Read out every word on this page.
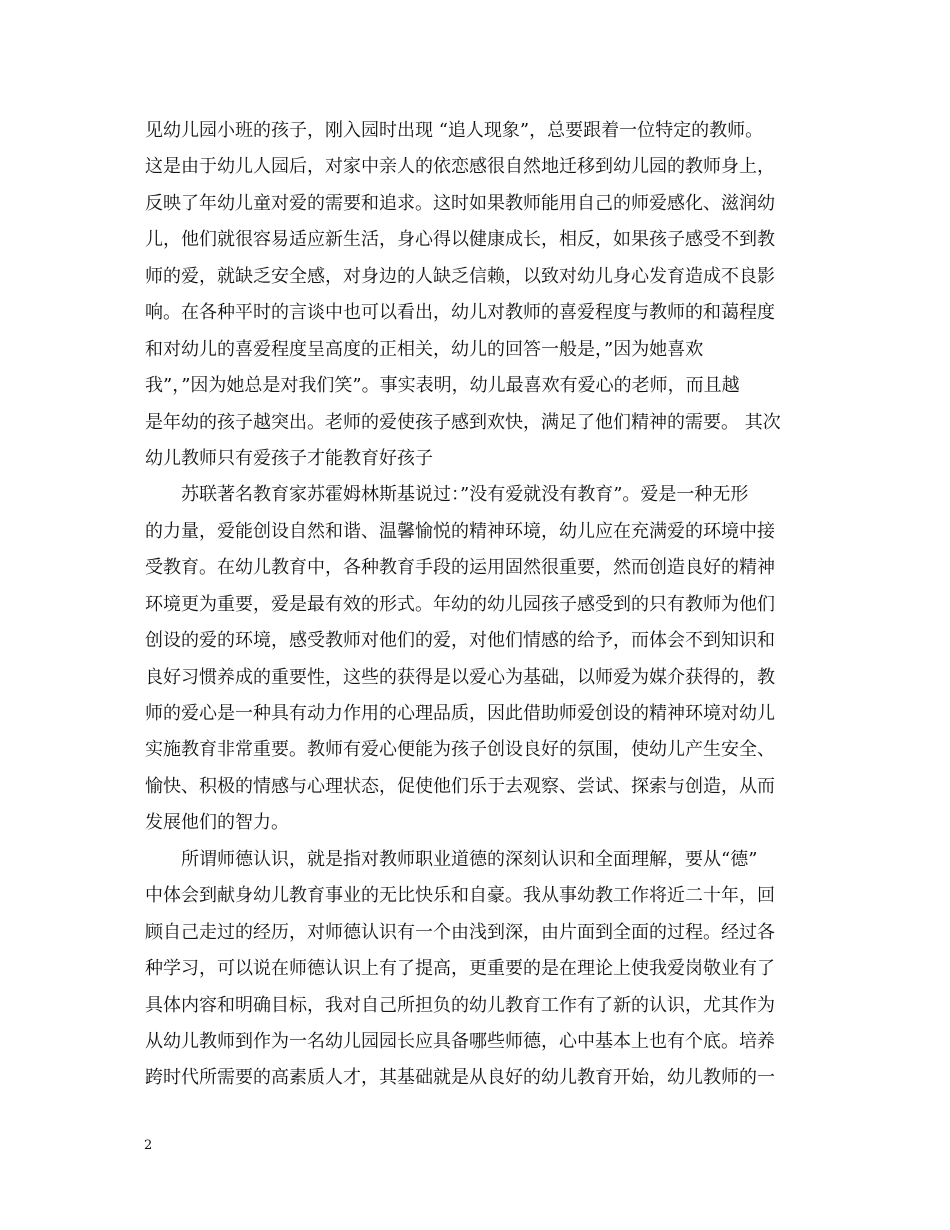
见幼儿园小班的孩子，刚入园时出现 “追人现象”，总要跟着一位特定的教师。
这是由于幼儿人园后，对家中亲人的依恋感很自然地迁移到幼儿园的教师身上，
反映了年幼儿童对爱的需要和追求。这时如果教师能用自己的师爱感化、滋润幼
儿，他们就很容易适应新生活，身心得以健康成长，相反，如果孩子感受不到教
师的爱，就缺乏安全感，对身边的人缺乏信赖，以致对幼儿身心发育造成不良影
响。在各种平时的言谈中也可以看出，幼儿对教师的喜爱程度与教师的和蔼程度
和对幼儿的喜爱程度呈高度的正相关，幼儿的回答一般是，”因为她喜欢
我”，”因为她总是对我们笑”。事实表明，幼儿最喜欢有爱心的老师，而且越
是年幼的孩子越突出。老师的爱使孩子感到欢快，满足了他们精神的需要。 其次
幼儿教师只有爱孩子才能教育好孩子
　　苏联著名教育家苏霍姆林斯基说过：”没有爱就没有教育”。爱是一种无形
的力量，爱能创设自然和谐、温馨愉悦的精神环境，幼儿应在充满爱的环境中接
受教育。在幼儿教育中，各种教育手段的运用固然很重要，然而创造良好的精神
环境更为重要，爱是最有效的形式。年幼的幼儿园孩子感受到的只有教师为他们
创设的爱的环境，感受教师对他们的爱，对他们情感的给予，而体会不到知识和
良好习惯养成的重要性，这些的获得是以爱心为基础，以师爱为媒介获得的，教
师的爱心是一种具有动力作用的心理品质，因此借助师爱创设的精神环境对幼儿
实施教育非常重要。教师有爱心便能为孩子创设良好的氛围，使幼儿产生安全、
愉快、积极的情感与心理状态，促使他们乐于去观察、尝试、探索与创造，从而
发展他们的智力。
　　所谓师德认识，就是指对教师职业道德的深刻认识和全面理解，要从“德”
中体会到献身幼儿教育事业的无比快乐和自豪。我从事幼教工作将近二十年，回
顾自己走过的经历，对师德认识有一个由浅到深，由片面到全面的过程。经过各
种学习，可以说在师德认识上有了提高，更重要的是在理论上使我爱岗敬业有了
具体内容和明确目标，我对自己所担负的幼儿教育工作有了新的认识，尤其作为
从幼儿教师到作为一名幼儿园园长应具备哪些师德，心中基本上也有个底。培养
跨时代所需要的高素质人才，其基础就是从良好的幼儿教育开始，幼儿教师的一
2
